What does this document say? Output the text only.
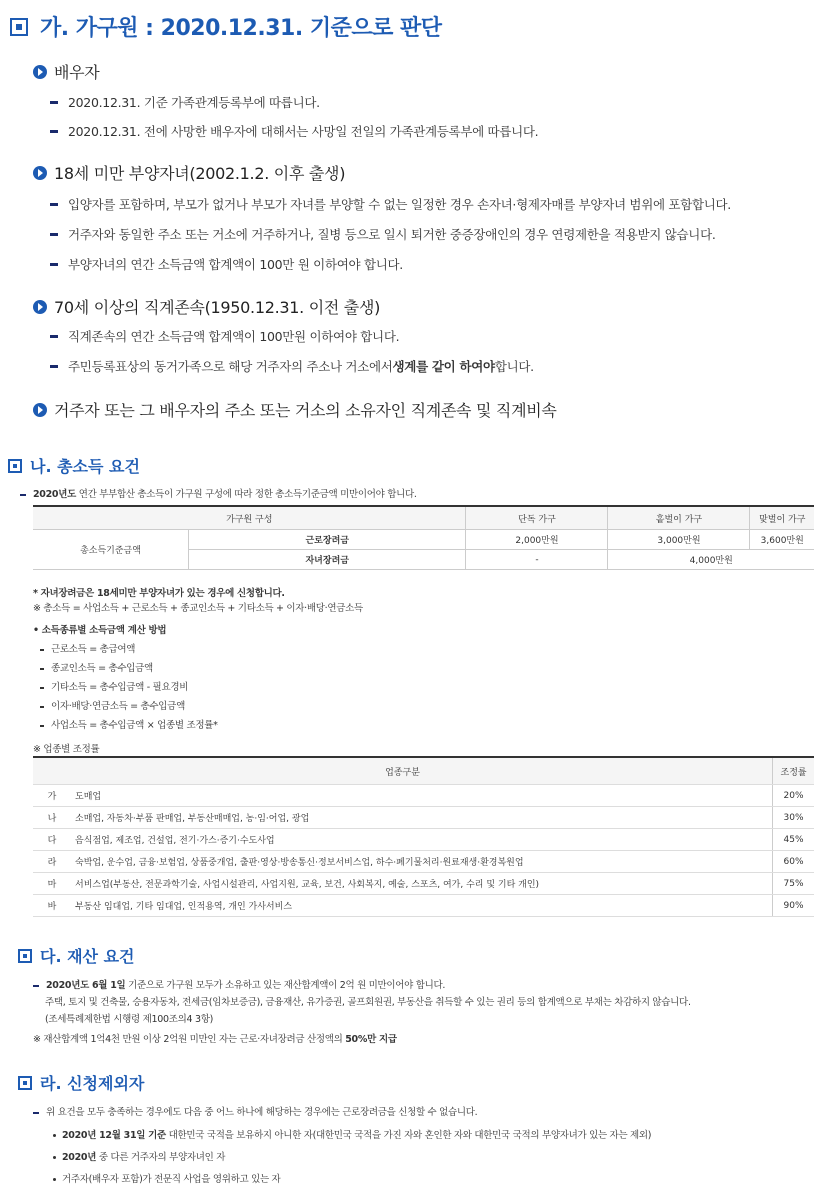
가. 가구원 : 2020.12.31. 기준으로 판단
배우자
2020.12.31. 기준 가족관계등록부에 따릅니다.
2020.12.31. 전에 사망한 배우자에 대해서는 사망일 전일의 가족관계등록부에 따릅니다.
18세 미만 부양자녀(2002.1.2. 이후 출생)
입양자를 포함하며, 부모가 없거나 부모가 자녀를 부양할 수 없는 일정한 경우 손자녀·형제자매를 부양자녀 범위에 포함합니다.
거주자와 동일한 주소 또는 거소에 거주하거나, 질병 등으로 일시 퇴거한 중증장애인의 경우 연령제한을 적용받지 않습니다.
부양자녀의 연간 소득금액 합계액이 100만 원 이하여야 합니다.
70세 이상의 직계존속(1950.12.31. 이전 출생)
직계존속의 연간 소득금액 합계액이 100만원 이하여야 합니다.
주민등록표상의 동거가족으로 해당 거주자의 주소나 거소에서 생계를 같이 하여야 합니다.
거주자 또는 그 배우자의 주소 또는 거소의 소유자인 직계존속 및 직계비속
나. 총소득 요건
2020년도 연간 부부합산 총소득이 가구원 구성에 따라 정한 총소득기준금액 미만이어야 합니다.
가구원 구성		단독 가구	홑벌이 가구	맞벌이 가구
총소득기준금액	근로장려금	2,000만원	3,000만원	3,600만원
	자녀장려금	-	4,000만원	
* 자녀장려금은 18세미만 부양자녀가 있는 경우에 신청합니다.
※ 총소득 = 사업소득 + 근로소득 + 종교인소득 + 기타소득 + 이자·배당·연금소득
• 소득종류별 소득금액 계산 방법
근로소득 = 총급여액
종교인소득 = 총수입금액
기타소득 = 총수입금액 - 필요경비
이자·배당·연금소득 = 총수입금액
사업소득 = 총수입금액 × 업종별 조정률*
※ 업종별 조정률
업종구분		조정률
가	도매업	20%
나	소매업, 자동차·부품 판매업, 부동산매매업, 농·임·어업, 광업	30%
다	음식점업, 제조업, 건설업, 전기·가스·증기·수도사업	45%
라	숙박업, 운수업, 금융·보험업, 상품중개업, 출판·영상·방송통신·정보서비스업, 하수·폐기물처리·원료재생·환경복원업	60%
마	서비스업(부동산, 전문과학기술, 사업시설관리, 사업지원, 교육, 보건, 사회복지, 예술, 스포츠, 여가, 수리 및 기타 개인)	75%
바	부동산 임대업, 기타 임대업, 인적용역, 개인 가사서비스	90%
다. 재산 요건
2020년도 6월 1일 기준으로 가구원 모두가 소유하고 있는 재산합계액이 2억 원 미만이어야 합니다.
주택, 토지 및 건축물, 승용자동차, 전세금(임차보증금), 금융재산, 유가증권, 골프회원권, 부동산을 취득할 수 있는 권리 등의 합계액으로 부채는 차감하지 않습니다.
(조세특례제한법 시행령 제100조의4 3항)
※ 재산합계액 1억4천 만원 이상 2억원 미만인 자는 근로·자녀장려금 산정액의 50%만 지급
라. 신청제외자
위 요건을 모두 충족하는 경우에도 다음 중 어느 하나에 해당하는 경우에는 근로장려금을 신청할 수 없습니다.
2020년 12월 31일 기준 대한민국 국적을 보유하지 아니한 자(대한민국 국적을 가진 자와 혼인한 자와 대한민국 국적의 부양자녀가 있는 자는 제외)
2020년 중 다른 거주자의 부양자녀인 자
거주자(배우자 포함)가 전문직 사업을 영위하고 있는 자
